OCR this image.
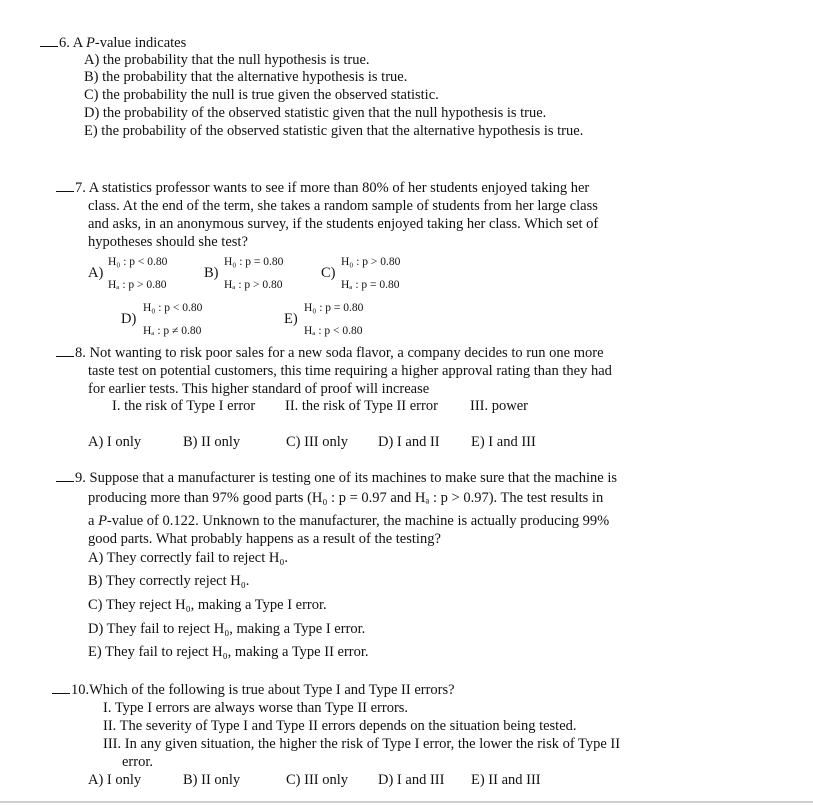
6. A P-value indicates
A) the probability that the null hypothesis is true.
B) the probability that the alternative hypothesis is true.
C) the probability the null is true given the observed statistic.
D) the probability of the observed statistic given that the null hypothesis is true.
E) the probability of the observed statistic given that the alternative hypothesis is true.
7. A statistics professor wants to see if more than 80% of her students enjoyed taking her
class. At the end of the term, she takes a random sample of students from her large class
and asks, in an anonymous survey, if the students enjoyed taking her class. Which set of
hypotheses should she test?
A)
H₀ : p < 0.80
Hₐ : p > 0.80
B)
H₀ : p = 0.80
Hₐ : p > 0.80
C)
H₀ : p > 0.80
Hₐ : p = 0.80
D)
H₀ : p < 0.80
Hₐ : p ≠ 0.80
E)
H₀ : p = 0.80
Hₐ : p < 0.80
8. Not wanting to risk poor sales for a new soda flavor, a company decides to run one more
taste test on potential customers, this time requiring a higher approval rating than they had
for earlier tests. This higher standard of proof will increase
I. the risk of Type I error II. the risk of Type II error III. power
A) I only	B) II only	C) III only D) I and II E) I and III
9. Suppose that a manufacturer is testing one of its machines to make sure that the machine is
producing more than 97% good parts (H₀ : p = 0.97 and Hₐ : p > 0.97). The test results in
a P-value of 0.122. Unknown to the manufacturer, the machine is actually producing 99%
good parts. What probably happens as a result of the testing?
A) They correctly fail to reject H₀.
B) They correctly reject H₀.
C) They reject H₀, making a Type I error.
D) They fail to reject H₀, making a Type I error.
E) They fail to reject H₀, making a Type II error.
10.Which of the following is true about Type I and Type II errors?
I. Type I errors are always worse than Type II errors.
II. The severity of Type I and Type II errors depends on the situation being tested.
III. In any given situation, the higher the risk of Type I error, the lower the risk of Type II
error.
A) I only	B) II only	C) III only D) I and III E) II and III
